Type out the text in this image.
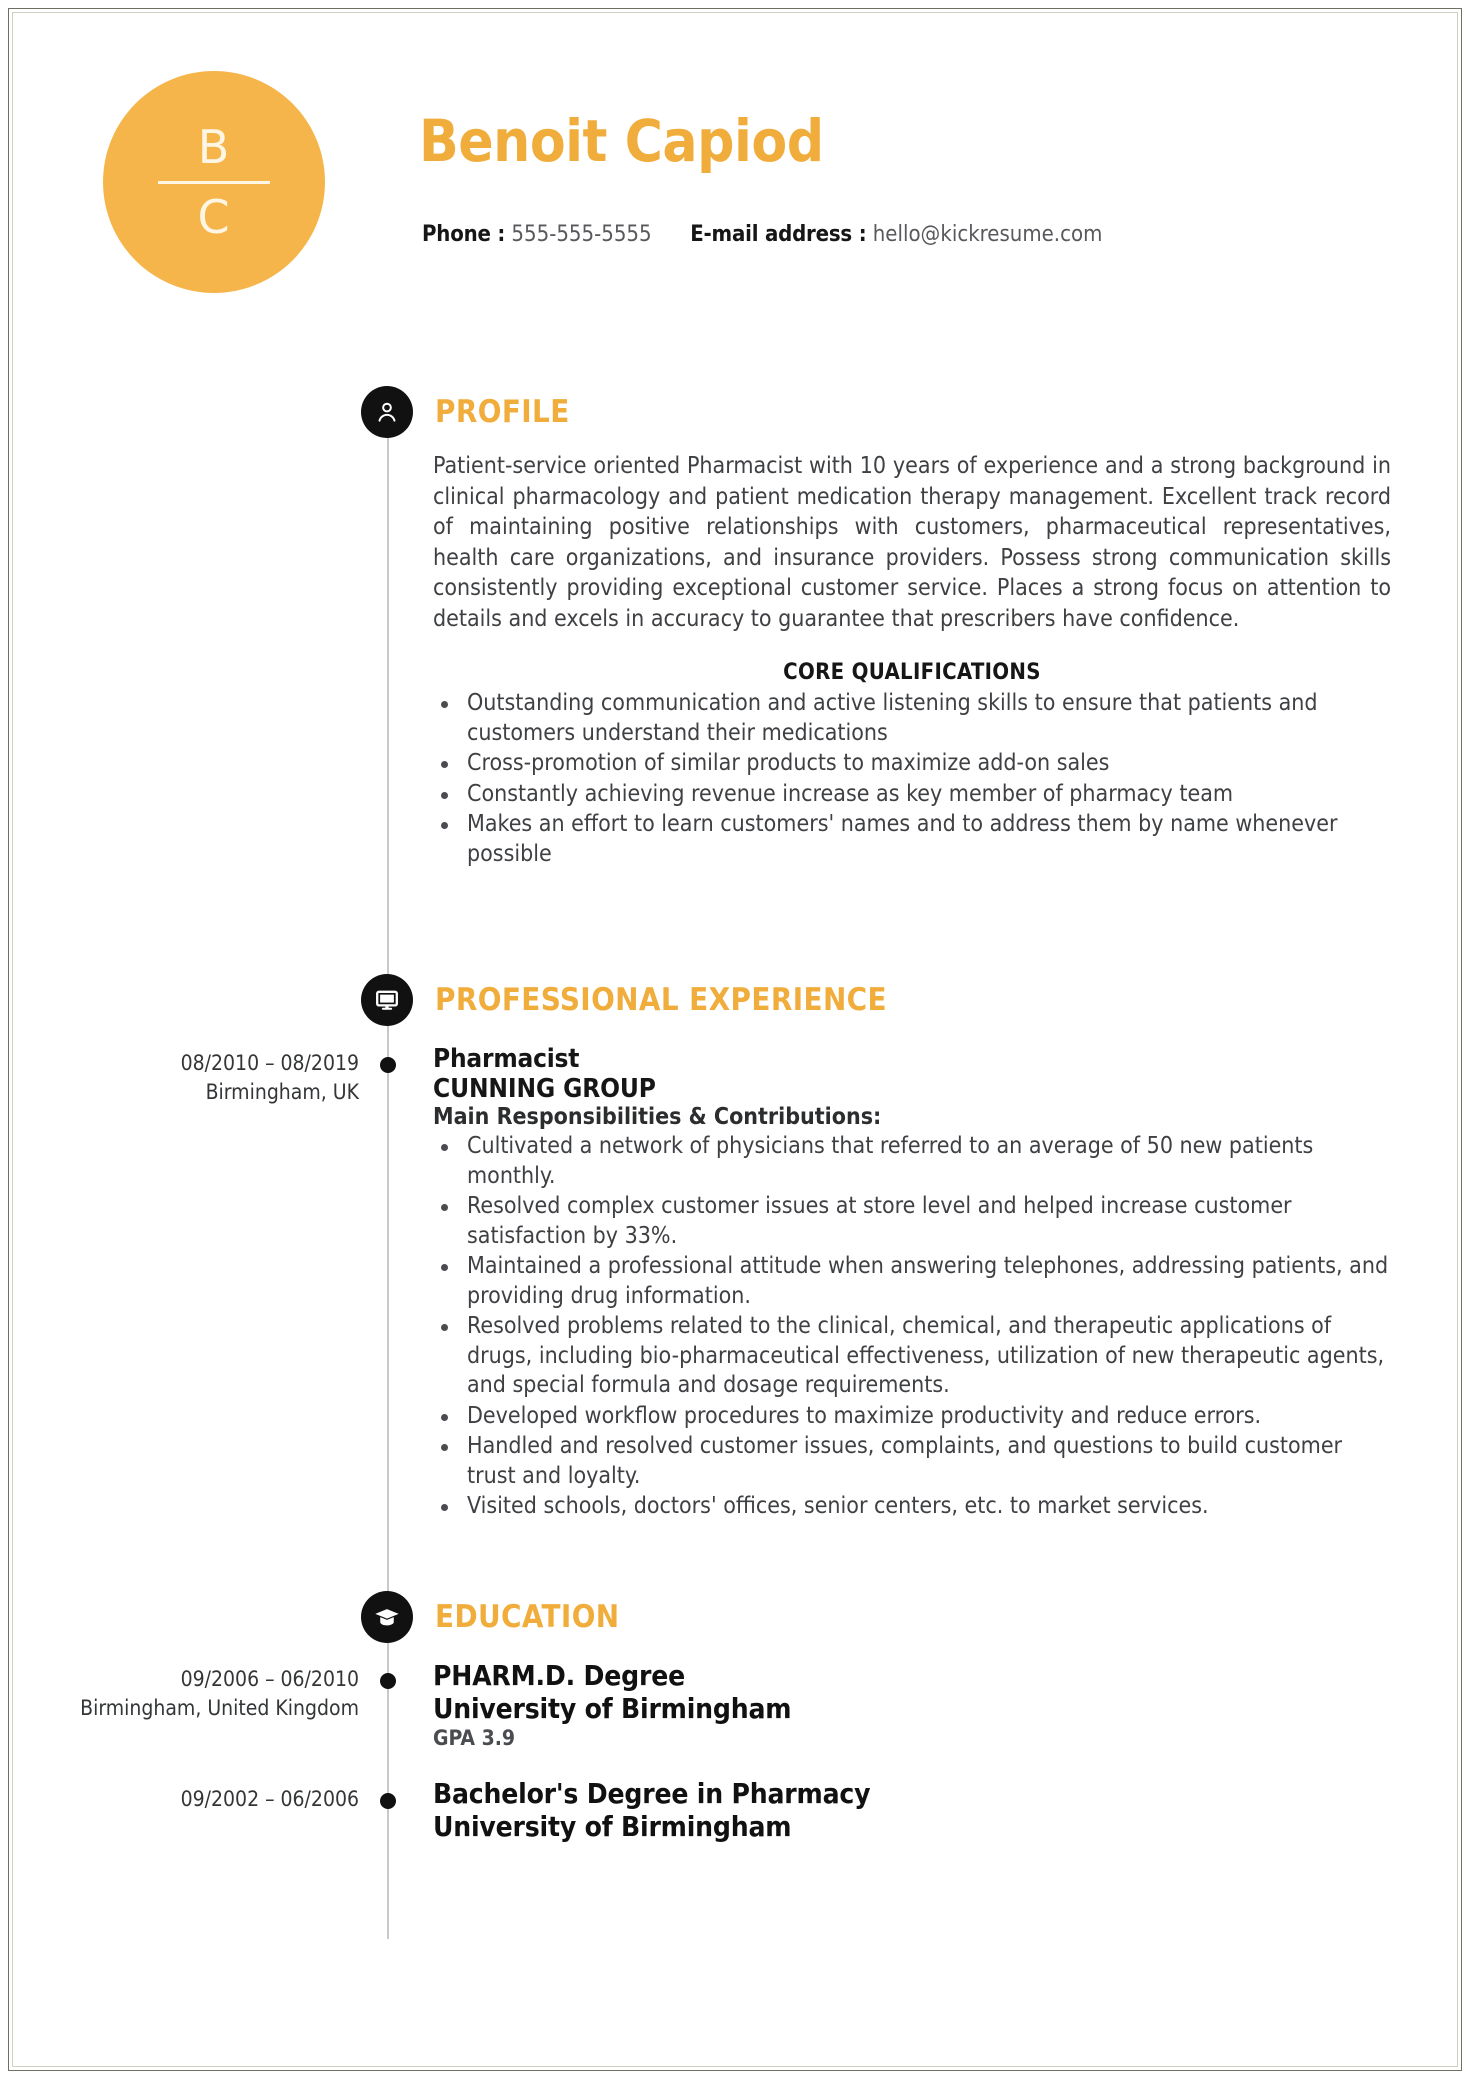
B
C
Benoit Capiod
Phone : 555-555-5555 E-mail address : hello@kickresume.com
PROFILE

Patient-service oriented Pharmacist with 10 years of experience and a strong background in clinical pharmacology and patient medication therapy management. Excellent track record of maintaining positive relationships with customers, pharmaceutical representatives, health care organizations, and insurance providers. Possess strong communication skills consistently providing exceptional customer service. Places a strong focus on attention to details and excels in accuracy to guarantee that prescribers have confidence.

CORE QUALIFICATIONS
Outstanding communication and active listening skills to ensure that patients and customers understand their medications
Cross-promotion of similar products to maximize add-on sales
Constantly achieving revenue increase as key member of pharmacy team
Makes an effort to learn customers' names and to address them by name whenever possible
PROFESSIONAL EXPERIENCE
08/2010 – 08/2019
Birmingham, UK
Pharmacist
CUNNING GROUP
Main Responsibilities & Contributions:
Cultivated a network of physicians that referred to an average of 50 new patients monthly.
Resolved complex customer issues at store level and helped increase customer satisfaction by 33%.
Maintained a professional attitude when answering telephones, addressing patients, and providing drug information.
Resolved problems related to the clinical, chemical, and therapeutic applications of drugs, including bio-pharmaceutical effectiveness, utilization of new therapeutic agents, and special formula and dosage requirements.
Developed workflow procedures to maximize productivity and reduce errors.
Handled and resolved customer issues, complaints, and questions to build customer trust and loyalty.
Visited schools, doctors' offices, senior centers, etc. to market services.
EDUCATION
09/2006 – 06/2010
Birmingham, United Kingdom
PHARM.D. Degree
University of Birmingham
GPA 3.9
09/2002 – 06/2006	Bachelor's Degree in Pharmacy
University of Birmingham
